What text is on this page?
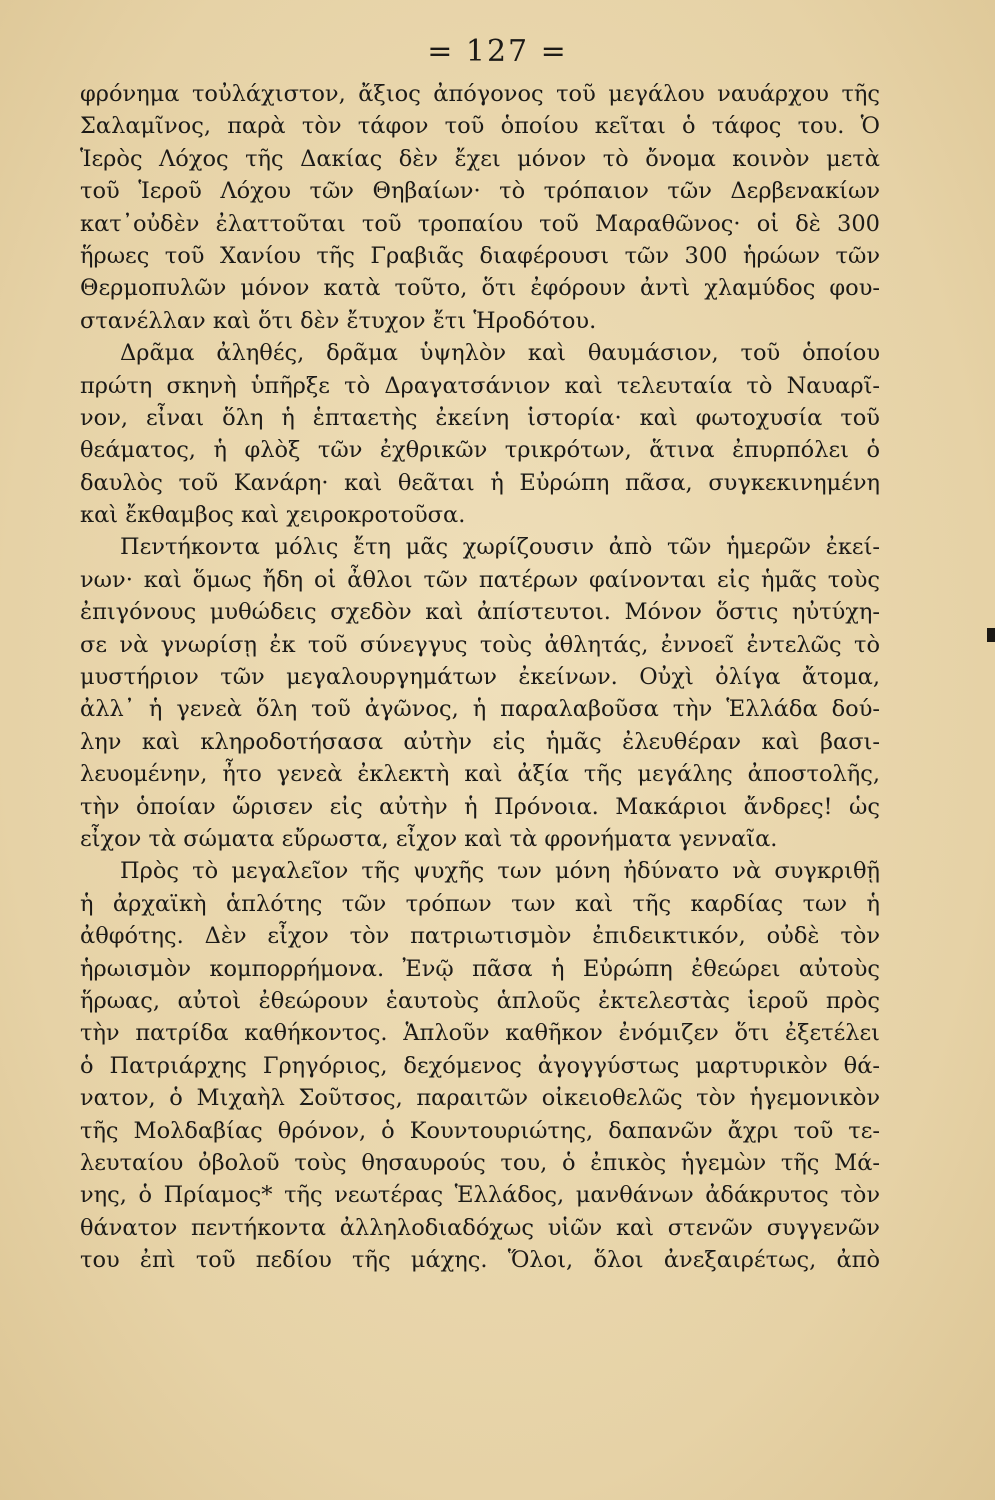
= 127 =
φρόνημα τοὐλάχιστον, ἄξιος ἀπόγονος τοῦ μεγάλου ναυάρχου τῆς
Σαλαμῖνος, παρὰ τὸν τάφον τοῦ ὁποίου κεῖται ὁ τάφος του. Ὁ
Ἱερὸς Λόχος τῆς Δακίας δὲν ἔχει μόνον τὸ ὄνομα κοινὸν μετὰ
τοῦ Ἱεροῦ Λόχου τῶν Θηβαίων· τὸ τρόπαιον τῶν Δερβενακίων
κατ᾽οὐδὲν ἐλαττοῦται τοῦ τροπαίου τοῦ Μαραθῶνος· οἱ δὲ 300
ἥρωες τοῦ Χανίου τῆς Γραβιᾶς διαφέρουσι τῶν 300 ἡρώων τῶν
Θερμοπυλῶν μόνον κατὰ τοῦτο, ὅτι ἐφόρουν ἀντὶ χλαμύδος φου-
στανέλλαν καὶ ὅτι δὲν ἔτυχον ἔτι Ἡροδότου.
Δρᾶμα ἀληθές, δρᾶμα ὑψηλὸν καὶ θαυμάσιον, τοῦ ὁποίου
πρώτη σκηνὴ ὑπῆρξε τὸ Δραγατσάνιον καὶ τελευταία τὸ Ναυαρῖ-
νον, εἶναι ὅλη ἡ ἑπταετὴς ἐκείνη ἱστορία· καὶ φωτοχυσία τοῦ
θεάματος, ἡ φλὸξ τῶν ἐχθρικῶν τρικρότων, ἅτινα ἐπυρπόλει ὁ
δαυλὸς τοῦ Κανάρη· καὶ θεᾶται ἡ Εὐρώπη πᾶσα, συγκεκινημένη
καὶ ἔκθαμβος καὶ χειροκροτοῦσα.
Πεντήκοντα μόλις ἔτη μᾶς χωρίζουσιν ἀπὸ τῶν ἡμερῶν ἐκεί-
νων· καὶ ὅμως ἤδη οἱ ἆθλοι τῶν πατέρων φαίνονται εἰς ἡμᾶς τοὺς
ἐπιγόνους μυθώδεις σχεδὸν καὶ ἀπίστευτοι. Μόνον ὅστις ηὐτύχη-
σε νὰ γνωρίσῃ ἐκ τοῦ σύνεγγυς τοὺς ἀθλητάς, ἐννοεῖ ἐντελῶς τὸ
μυστήριον τῶν μεγαλουργημάτων ἐκείνων. Οὐχὶ ὀλίγα ἄτομα,
ἀλλ᾽ ἡ γενεὰ ὅλη τοῦ ἀγῶνος, ἡ παραλαβοῦσα τὴν Ἑλλάδα δού-
λην καὶ κληροδοτήσασα αὐτὴν εἰς ἡμᾶς ἐλευθέραν καὶ βασι-
λευομένην, ἦτο γενεὰ ἐκλεκτὴ καὶ ἀξία τῆς μεγάλης ἀποστολῆς,
τὴν ὁποίαν ὥρισεν εἰς αὐτὴν ἡ Πρόνοια. Μακάριοι ἄνδρες! ὡς
εἶχον τὰ σώματα εὔρωστα, εἶχον καὶ τὰ φρονήματα γενναῖα.
Πρὸς τὸ μεγαλεῖον τῆς ψυχῆς των μόνη ἠδύνατο νὰ συγκριθῇ
ἡ ἀρχαϊκὴ ἁπλότης τῶν τρόπων των καὶ τῆς καρδίας των ἡ
ἀθφότης. Δὲν εἶχον τὸν πατριωτισμὸν ἐπιδεικτικόν, οὐδὲ τὸν
ἡρωισμὸν κομπορρήμονα. Ἐνῷ πᾶσα ἡ Εὐρώπη ἐθεώρει αὐτοὺς
ἥρωας, αὐτοὶ ἐθεώρουν ἑαυτοὺς ἁπλοῦς ἐκτελεστὰς ἱεροῦ πρὸς
τὴν πατρίδα καθήκοντος. Ἁπλοῦν καθῆκον ἐνόμιζεν ὅτι ἐξετέλει
ὁ Πατριάρχης Γρηγόριος, δεχόμενος ἀγογγύστως μαρτυρικὸν θά-
νατον, ὁ Μιχαὴλ Σοῦτσος, παραιτῶν οἰκειοθελῶς τὸν ἡγεμονικὸν
τῆς Μολδαβίας θρόνον, ὁ Κουντουριώτης, δαπανῶν ἄχρι τοῦ τε-
λευταίου ὀβολοῦ τοὺς θησαυρούς του, ὁ ἐπικὸς ἡγεμὼν τῆς Μά-
νης, ὁ Πρίαμος* τῆς νεωτέρας Ἑλλάδος, μανθάνων ἀδάκρυτος τὸν
θάνατον πεντήκοντα ἀλληλοδιαδόχως υἱῶν καὶ στενῶν συγγενῶν
του ἐπὶ τοῦ πεδίου τῆς μάχης. Ὅλοι, ὅλοι ἀνεξαιρέτως, ἀπὸ
